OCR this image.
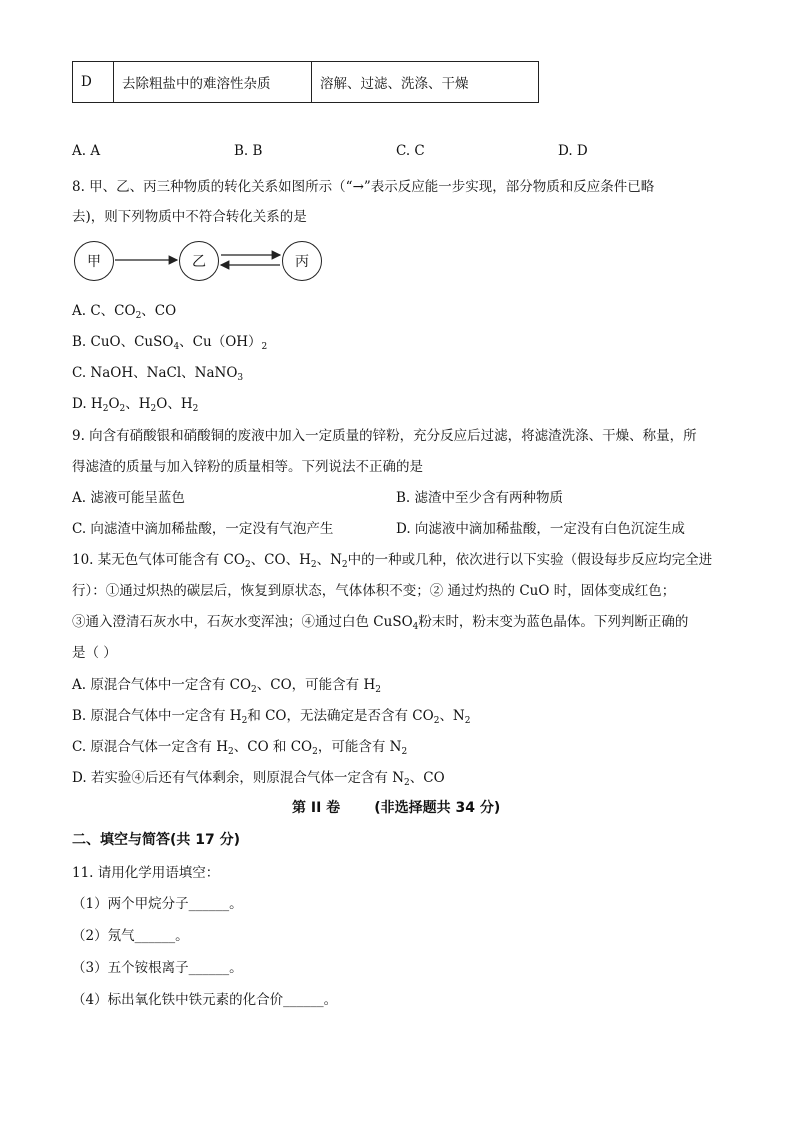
D	去除粗盐中的难溶性杂质	溶解、过滤、洗涤、干燥
A. A	B. B	C. C	D. D
8. 甲、乙、丙三种物质的转化关系如图所示（“→”表示反应能一步实现，部分物质和反应条件已略
去)，则下列物质中不符合转化关系的是
甲	乙	丙
A. C、$CO_2$、CO
B. CuO、CuSO$_4$、$Cu(OH)_2$
C. NaOH、NaCl、NaNO$_3$
D. $H_2O_2$、$H_2O$、$H_2$
9. 向含有硝酸银和硝酸铜的废液中加入一定质量的锌粉，充分反应后过滤，将滤渣洗涤、干燥、称量，所
得滤渣的质量与加入锌粉的质量相等。下列说法不正确的是
A. 滤液可能呈蓝色	B. 滤渣中至少含有两种物质
C. 向滤渣中滴加稀盐酸，一定没有气泡产生	D. 向滤液中滴加稀盐酸，一定没有白色沉淀生成
10. 某无色气体可能含有 $CO_2$、CO、$H_2$、$N_2$中的一种或几种，依次进行以下实验（假设每步反应均完全进
行）：①通过炽热的碳层后，恢复到原状态，气体体积不变；② 通过灼热的 CuO 时，固体变成红色；
③通入澄清石灰水中，石灰水变浑浊；④通过白色 CuSO$_4$粉末时，粉末变为蓝色晶体。下列判断正确的
是（ ）
A. 原混合气体中一定含有 $CO_2$、CO，可能含有 $H_2$
B. 原混合气体中一定含有 $H_2$和 CO，无法确定是否含有 $CO_2$、$N_2$
C. 原混合气体一定含有 $H_2$、CO 和 $CO_2$，可能含有 $N_2$
D. 若实验④后还有气体剩余，则原混合气体一定含有 $N_2$、CO
第 II 卷       (非选择题共 34 分)
二、填空与简答(共 17 分)
11. 请用化学用语填空：
（1）两个甲烷分子______。
（2）氖气______。
（3）五个铵根离子______。
（4）标出氧化铁中铁元素的化合价______。
